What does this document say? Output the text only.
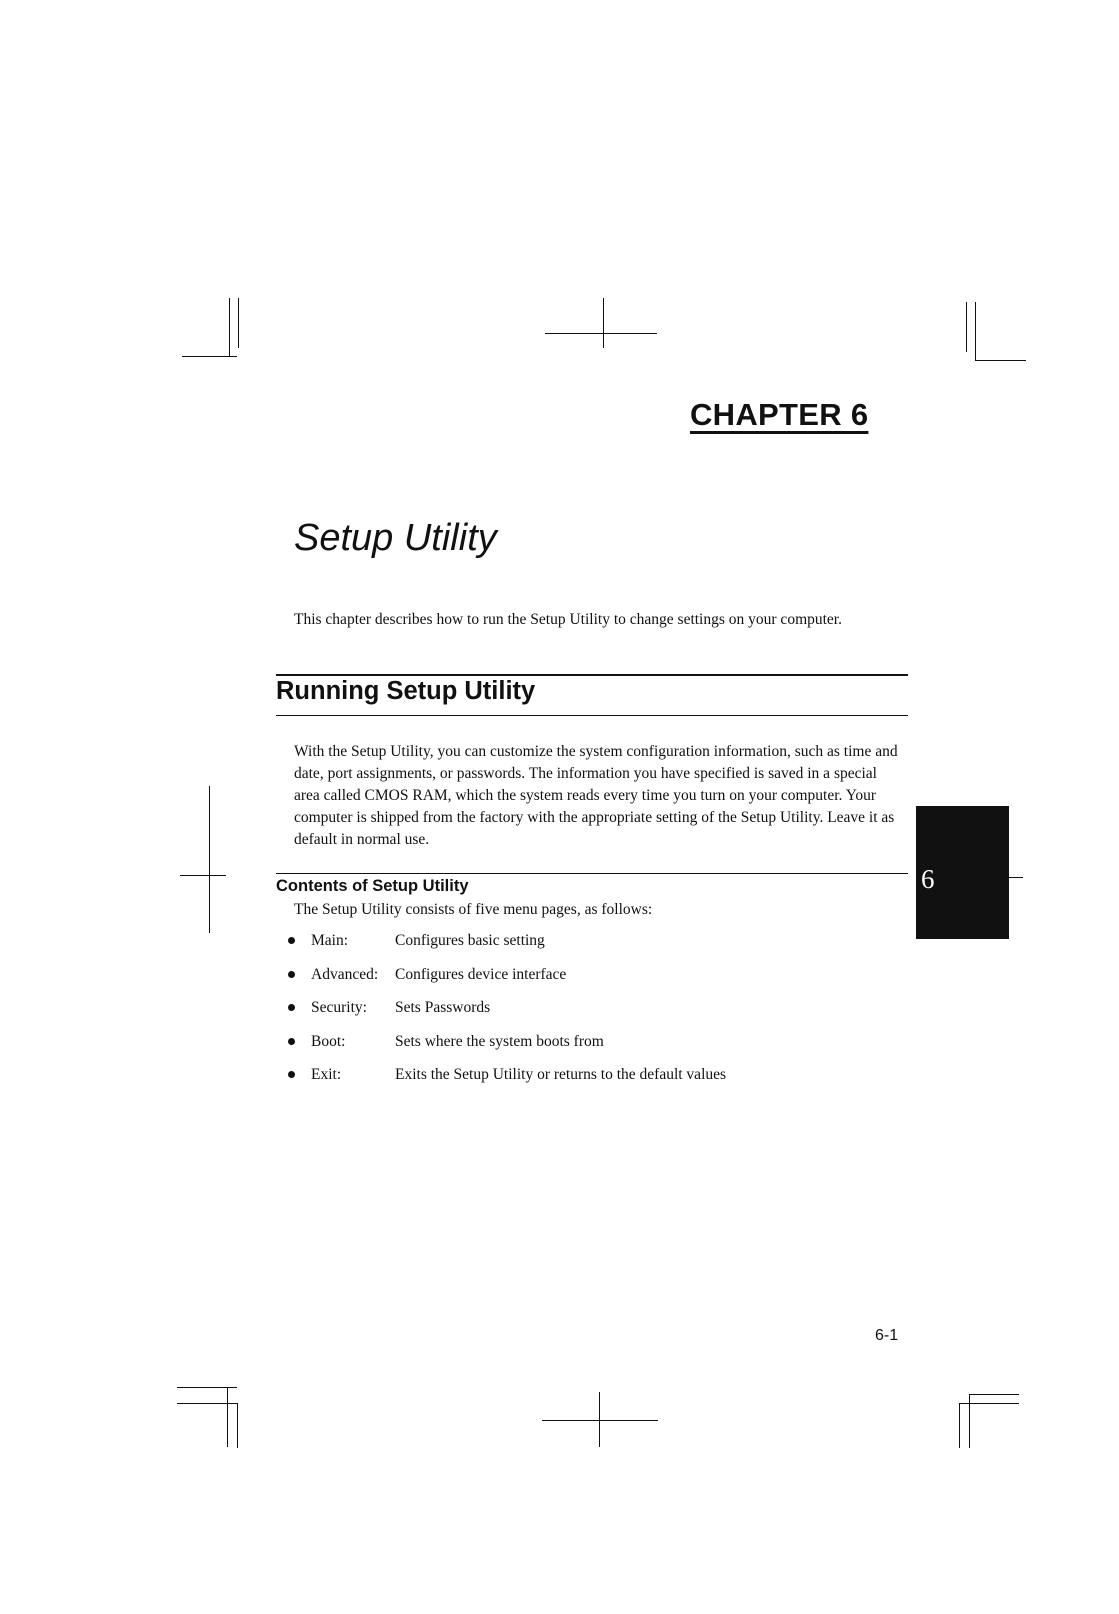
CHAPTER 6
Setup Utility
This chapter describes how to run the Setup Utility to change settings on your computer.
Running Setup Utility
With the Setup Utility, you can customize the system configuration information, such as time and date, port assignments, or passwords. The information you have specified is saved in a special area called CMOS RAM, which the system reads every time you turn on your computer. Your computer is shipped from the factory with the appropriate setting of the Setup Utility. Leave it as default in normal use.
Contents of Setup Utility
The Setup Utility consists of five menu pages, as follows:
Main:	Configures basic setting
Advanced:	Configures device interface
Security:	Sets Passwords
Boot:	Sets where the system boots from
Exit:	Exits the Setup Utility or returns to the default values
6
6-1
